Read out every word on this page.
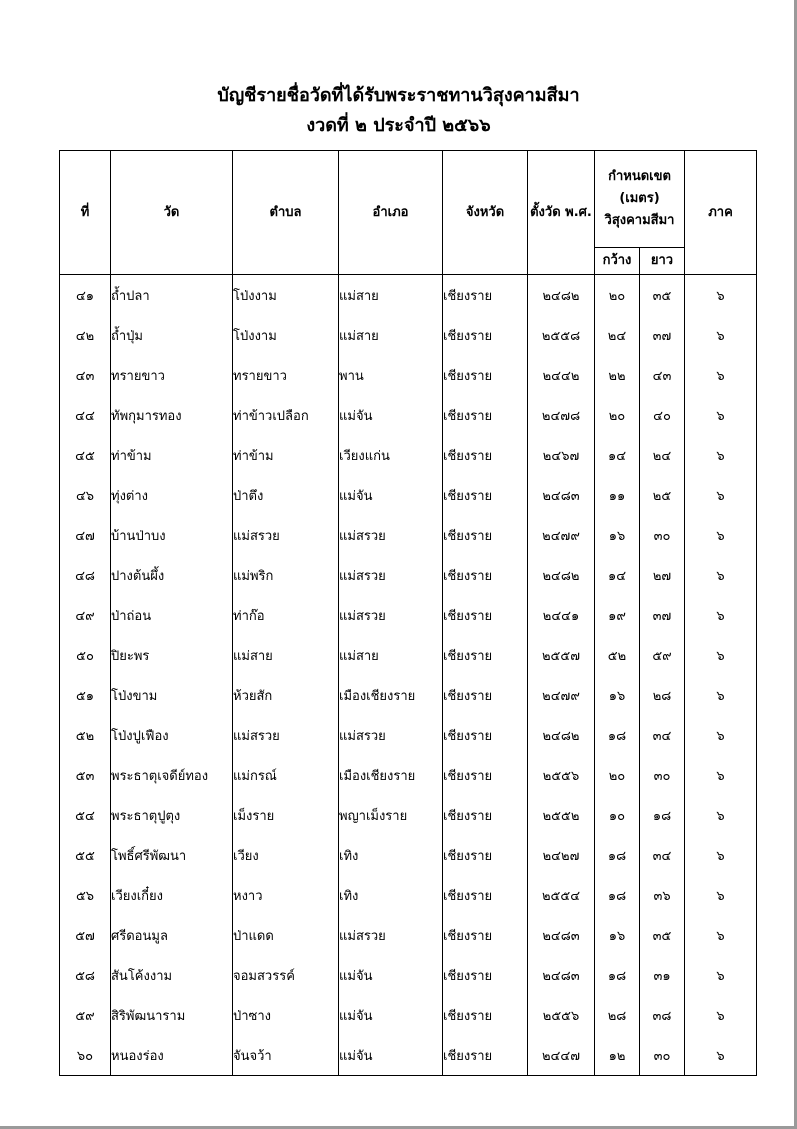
บัญชีรายชื่อวัดที่ได้รับพระราชทานวิสุงคามสีมา
งวดที่ ๒ ประจำปี ๒๕๖๖
ที่	วัด	ตำบล	อำเภอ	จังหวัด	ตั้งวัด พ.ศ.	กำหนดเขต (เมตร) วิสุงคามสีมา		ภาค
						กว้าง	ยาว	
๔๑	ถ้ำปลา	โป่งงาม	แม่สาย	เชียงราย	๒๔๘๒	๒๐	๓๕	๖
๔๒	ถ้ำปุ่ม	โป่งงาม	แม่สาย	เชียงราย	๒๕๕๘	๒๔	๓๗	๖
๔๓	ทรายขาว	ทรายขาว	พาน	เชียงราย	๒๔๔๒	๒๒	๔๓	๖
๔๔	ทัพกุมารทอง	ท่าข้าวเปลือก	แม่จัน	เชียงราย	๒๔๗๘	๒๐	๔๐	๖
๔๕	ท่าข้าม	ท่าข้าม	เวียงแก่น	เชียงราย	๒๔๖๗	๑๔	๒๔	๖
๔๖	ทุ่งต่าง	ป่าตึง	แม่จัน	เชียงราย	๒๔๘๓	๑๑	๒๕	๖
๔๗	บ้านป่าบง	แม่สรวย	แม่สรวย	เชียงราย	๒๔๗๙	๑๖	๓๐	๖
๔๘	ปางต้นผึ้ง	แม่พริก	แม่สรวย	เชียงราย	๒๔๘๒	๑๔	๒๗	๖
๔๙	ป่าถ่อน	ท่าก๊อ	แม่สรวย	เชียงราย	๒๔๔๑	๑๙	๓๗	๖
๕๐	ปิยะพร	แม่สาย	แม่สาย	เชียงราย	๒๕๕๗	๕๒	๕๙	๖
๕๑	โป่งขาม	ห้วยสัก	เมืองเชียงราย	เชียงราย	๒๔๗๙	๑๖	๒๘	๖
๕๒	โป่งปูเฟือง	แม่สรวย	แม่สรวย	เชียงราย	๒๔๘๒	๑๘	๓๔	๖
๕๓	พระธาตุเจดีย์ทอง	แม่กรณ์	เมืองเชียงราย	เชียงราย	๒๕๕๖	๒๐	๓๐	๖
๕๔	พระธาตุปูตุง	เม็งราย	พญาเม็งราย	เชียงราย	๒๕๕๒	๑๐	๑๘	๖
๕๕	โพธิ์ศรีพัฒนา	เวียง	เทิง	เชียงราย	๒๔๒๗	๑๘	๓๔	๖
๕๖	เวียงเกี๋ยง	หงาว	เทิง	เชียงราย	๒๕๕๔	๑๘	๓๖	๖
๕๗	ศรีดอนมูล	ป่าแดด	แม่สรวย	เชียงราย	๒๔๘๓	๑๖	๓๕	๖
๕๘	สันโค้งงาม	จอมสวรรค์	แม่จัน	เชียงราย	๒๔๘๓	๑๘	๓๑	๖
๕๙	สิริพัฒนาราม	ป่าซาง	แม่จัน	เชียงราย	๒๕๕๖	๒๘	๓๘	๖
๖๐	หนองร่อง	จันจว้า	แม่จัน	เชียงราย	๒๔๔๗	๑๒	๓๐	๖
